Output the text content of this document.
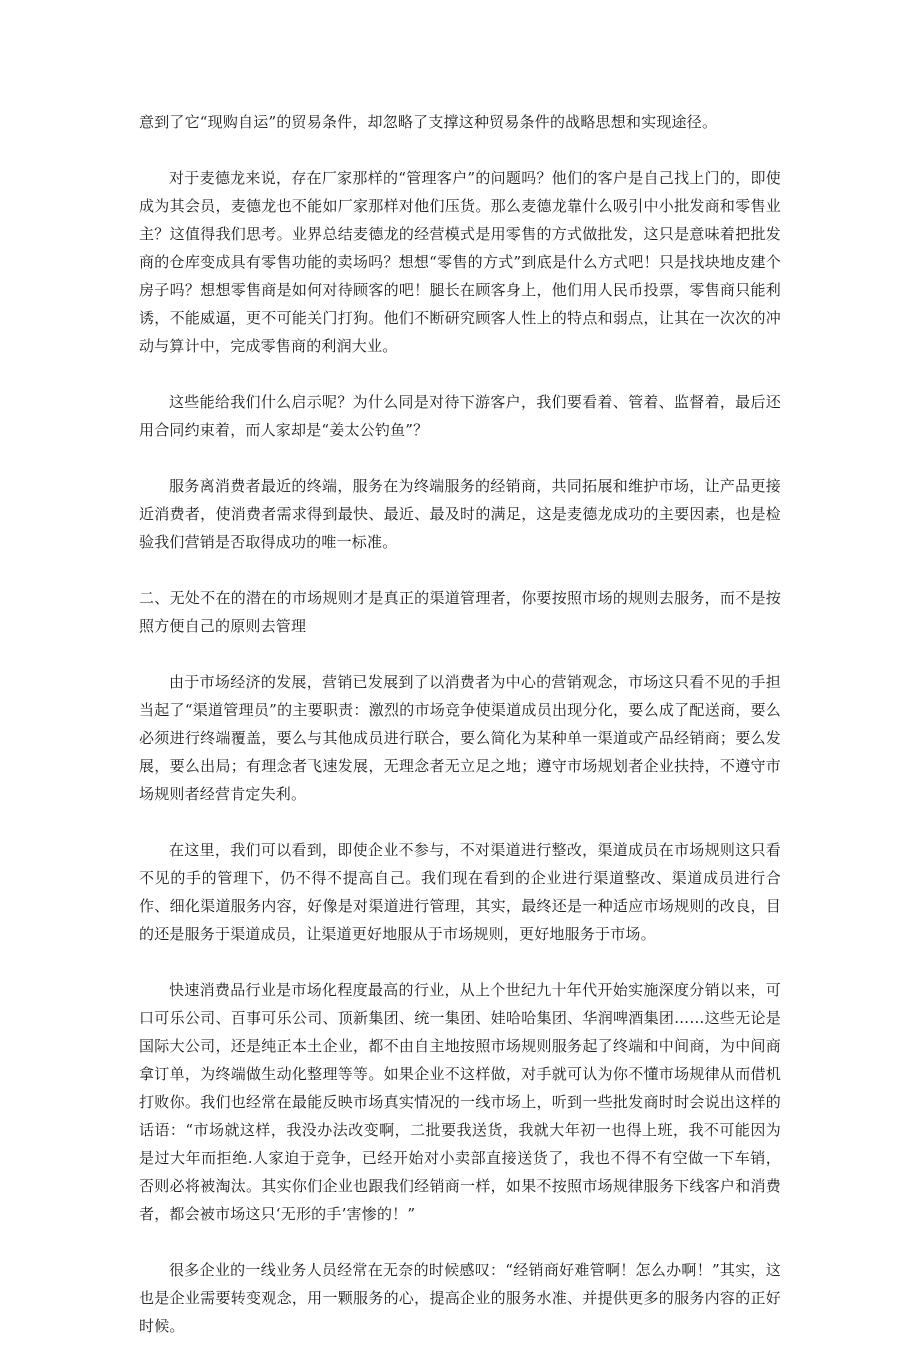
意到了它“现购自运”的贸易条件，却忽略了支撑这种贸易条件的战略思想和实现途径。

对于麦德龙来说，存在厂家那样的“管理客户”的问题吗？他们的客户是自己找上门的，即使成为其会员，麦德龙也不能如厂家那样对他们压货。那么麦德龙靠什么吸引中小批发商和零售业主？这值得我们思考。业界总结麦德龙的经营模式是用零售的方式做批发，这只是意味着把批发商的仓库变成具有零售功能的卖场吗？想想“零售的方式”到底是什么方式吧！只是找块地皮建个房子吗？想想零售商是如何对待顾客的吧！腿长在顾客身上，他们用人民币投票，零售商只能利诱，不能威逼，更不可能关门打狗。他们不断研究顾客人性上的特点和弱点，让其在一次次的冲动与算计中，完成零售商的利润大业。

这些能给我们什么启示呢？为什么同是对待下游客户，我们要看着、管着、监督着，最后还用合同约束着，而人家却是“姜太公钓鱼”？

服务离消费者最近的终端，服务在为终端服务的经销商，共同拓展和维护市场，让产品更接近消费者，使消费者需求得到最快、最近、最及时的满足，这是麦德龙成功的主要因素，也是检验我们营销是否取得成功的唯一标准。

二、无处不在的潜在的市场规则才是真正的渠道管理者，你要按照市场的规则去服务，而不是按照方便自己的原则去管理

由于市场经济的发展，营销已发展到了以消费者为中心的营销观念，市场这只看不见的手担当起了“渠道管理员”的主要职责：激烈的市场竞争使渠道成员出现分化，要么成了配送商，要么必须进行终端覆盖，要么与其他成员进行联合，要么简化为某种单一渠道或产品经销商；要么发展，要么出局；有理念者飞速发展，无理念者无立足之地；遵守市场规划者企业扶持，不遵守市场规则者经营肯定失利。

在这里，我们可以看到，即使企业不参与，不对渠道进行整改，渠道成员在市场规则这只看不见的手的管理下，仍不得不提高自己。我们现在看到的企业进行渠道整改、渠道成员进行合作、细化渠道服务内容，好像是对渠道进行管理，其实，最终还是一种适应市场规则的改良，目的还是服务于渠道成员，让渠道更好地服从于市场规则，更好地服务于市场。

快速消费品行业是市场化程度最高的行业，从上个世纪九十年代开始实施深度分销以来，可口可乐公司、百事可乐公司、顶新集团、统一集团、娃哈哈集团、华润啤酒集团……这些无论是国际大公司，还是纯正本土企业，都不由自主地按照市场规则服务起了终端和中间商，为中间商拿订单，为终端做生动化整理等等。如果企业不这样做，对手就可认为你不懂市场规律从而借机打败你。我们也经常在最能反映市场真实情况的一线市场上，听到一些批发商时时会说出这样的话语：“市场就这样，我没办法改变啊，二批要我送货，我就大年初一也得上班，我不可能因为是过大年而拒绝.人家迫于竞争，已经开始对小卖部直接送货了，我也不得不有空做一下车销，否则必将被淘汰。其实你们企业也跟我们经销商一样，如果不按照市场规律服务下线客户和消费者，都会被市场这只‘无形的手’害惨的！”

很多企业的一线业务人员经常在无奈的时候感叹：“经销商好难管啊！怎么办啊！”其实，这也是企业需要转变观念，用一颗服务的心，提高企业的服务水准、并提供更多的服务内容的正好时候。
